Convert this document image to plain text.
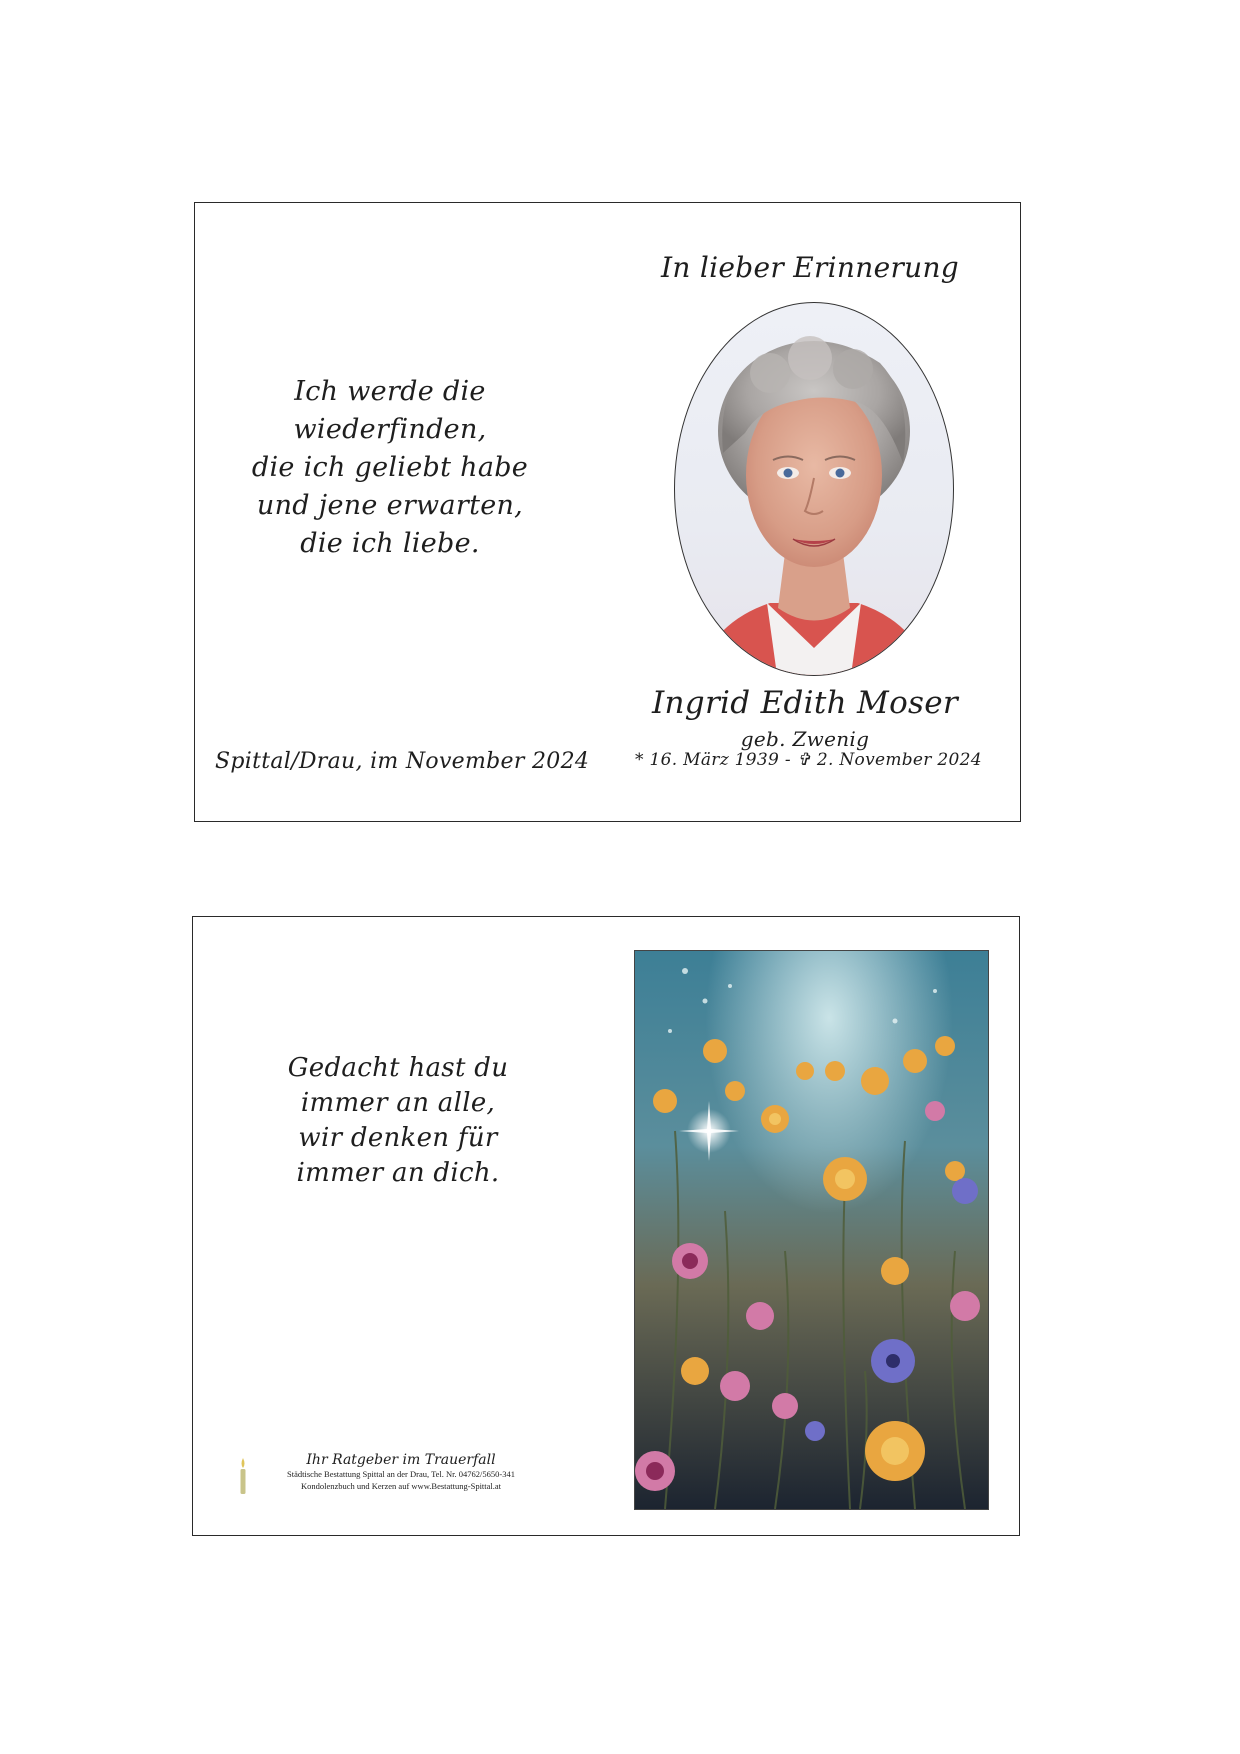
In lieber Erinnerung
Ich werde die
wiederfinden,
die ich geliebt habe
und jene erwarten,
die ich liebe.
Ingrid Edith Moser
geb. Zwenig
* 16. März 1939 - ✞ 2. November 2024
Spittal/Drau, im November 2024
Gedacht hast du
immer an alle,
wir denken für
immer an dich.
Ihr Ratgeber im Trauerfall
Städtische Bestattung Spittal an der Drau, Tel. Nr. 04762/5650-341
Kondolenzbuch und Kerzen auf www.Bestattung-Spittal.at
